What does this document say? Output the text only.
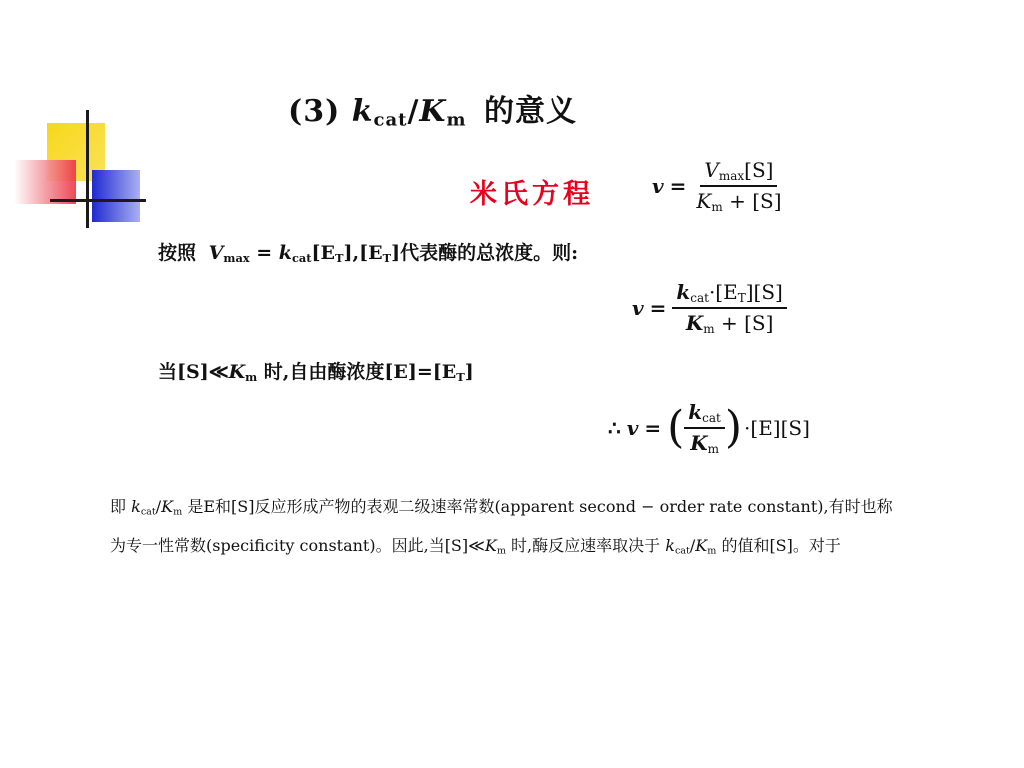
(3) $k_{cat}/K_m$ 的意义
米氏方程	$v = \frac{V_{max}[S]}{K_m + [S]}$
按照 $V_{max} = k_{cat}[E_T],[E_T]$代表酶的总浓度。则:
$v = \frac{k_{cat}\cdot[E_T][S]}{K_m + [S]}$
当$[S]≪K_m$ 时,自由酶浓度$[E]=[E_T]$
∴ v = ( $\frac{k_{cat}}{K_m}$ ) ·[E][S]
即 $k_{cat}/K_m$ 是E和[S]反应形成产物的表观二级速率常数(apparent second − order rate constant),有时也称
为专一性常数(specificity constant)。因此,当$[S]≪K_m$ 时,酶反应速率取决于 $k_{cat}/K_m$ 的值和[S]。对于
